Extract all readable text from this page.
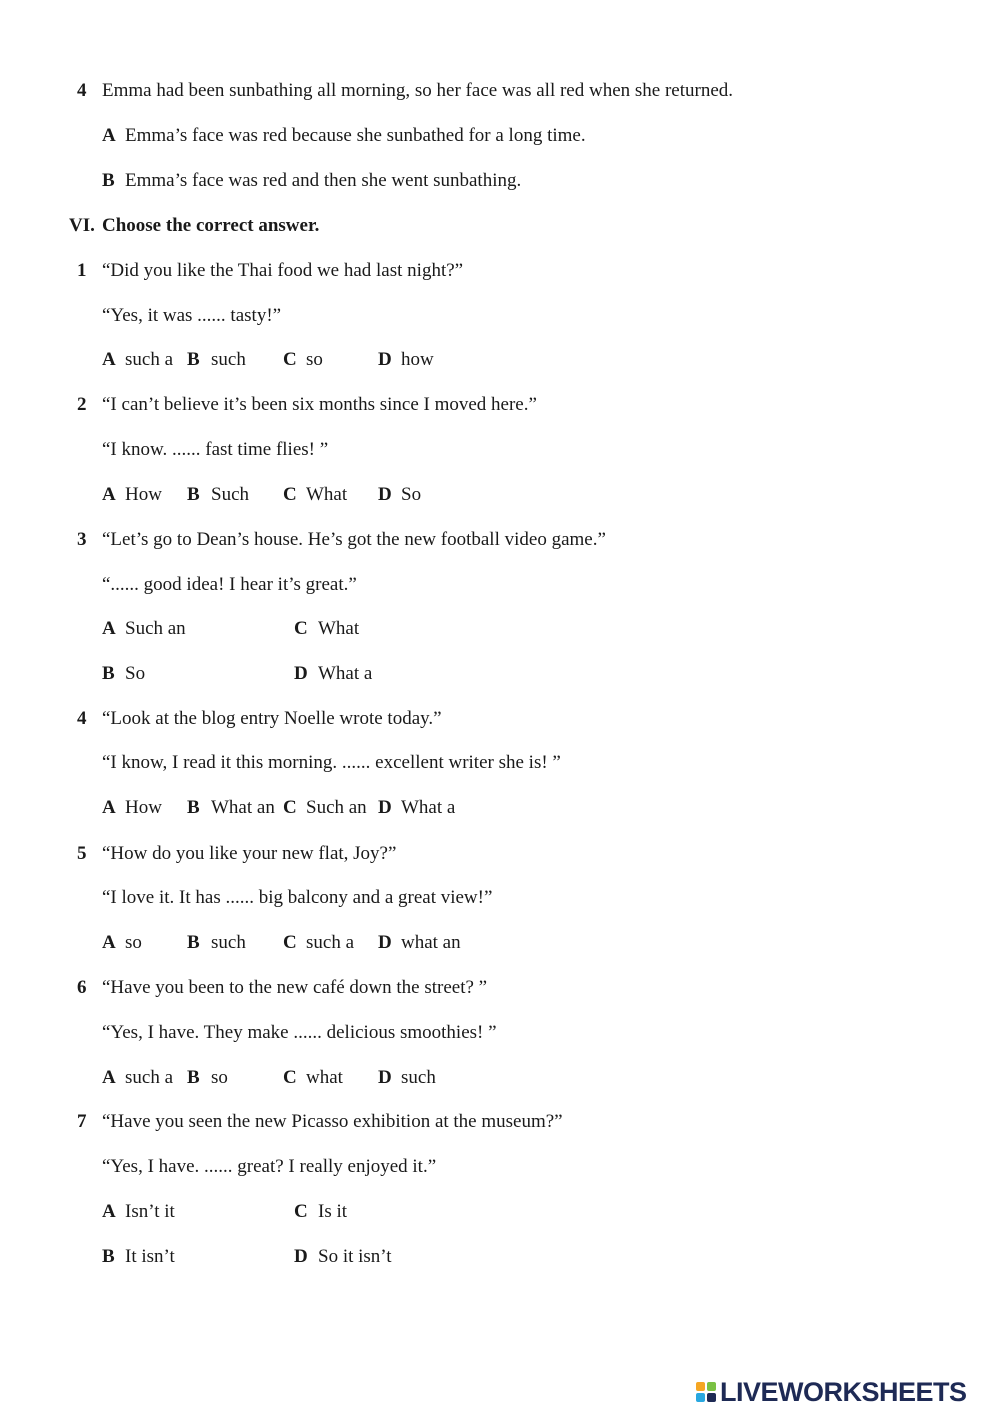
4 Emma had been sunbathing all morning, so her face was all red when she returned.
A Emma’s face was red because she sunbathed for a long time.
B Emma’s face was red and then she went sunbathing.
VI. Choose the correct answer.
1 “Did you like the Thai food we had last night?”
“Yes, it was ...... tasty!”
A such a B such C so	D how
2 “I can’t believe it’s been six months since I moved here.”
“I know. ...... fast time flies! ”
A How B Such C What D So
3 “Let’s go to Dean’s house. He’s got the new football video game.”
“...... good idea! I hear it’s great.”
A Such an	C What
B So	D What a
4 “Look at the blog entry Noelle wrote today.”
“I know, I read it this morning. ...... excellent writer she is! ”
A How B What an C Such an D What a
5 “How do you like your new flat, Joy?”
“I love it. It has ...... big balcony and a great view!”
A so B such C such a D what an
6 “Have you been to the new café down the street? ”
“Yes, I have. They make ...... delicious smoothies! ”
A such a B so	C what D such
7 “Have you seen the new Picasso exhibition at the museum?”
“Yes, I have. ...... great? I really enjoyed it.”
A Isn’t it	C Is it
B It isn’t	D So it isn’t
LIVEWORKSHEETS
